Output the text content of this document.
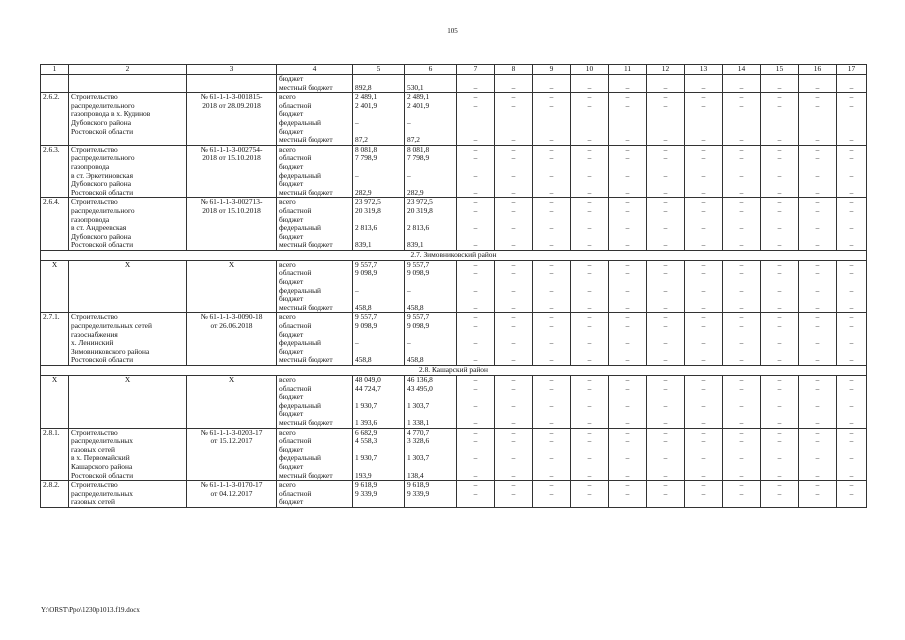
105
1	2	3	4	5	6	7	8	9	10	11	12	13	14	15	16	17
			бюджет													
			местный бюджет	892,8	530,1	–	–	–	–	–	–	–	–	–	–	–
2.6.2.	Строительство	№ 61-1-1-3-001815-	всего	2 489,1	2 489,1	–	–	–	–	–	–	–	–	–	–	–
	распределительного	2018 от 28.09.2018	областной	2 401,9	2 401,9	–	–	–	–	–	–	–	–	–	–	–
	газопровода в х. Кудинов		бюджет													
	Дубовского района		федеральный	–	–											
	Ростовской области		бюджет													
			местный бюджет	87,2	87,2	–	–	–	–	–	–	–	–	–	–	–
2.6.3.	Строительство	№ 61-1-1-3-002754-	всего	8 081,8	8 081,8	–	–	–	–	–	–	–	–	–	–	–
	распределительного	2018 от 15.10.2018	областной	7 798,9	7 798,9	–	–	–	–	–	–	–	–	–	–	–
	газопровода		бюджет													
	в ст. Эркетиновская		федеральный	–	–	–	–	–	–	–	–	–	–	–	–	–
	Дубовского района		бюджет													
	Ростовской области		местный бюджет	282,9	282,9	–	–	–	–	–	–	–	–	–	–	–
2.6.4.	Строительство	№ 61-1-1-3-002713-	всего	23 972,5	23 972,5	–	–	–	–	–	–	–	–	–	–	–
	распределительного	2018 от 15.10.2018	областной	20 319,8	20 319,8	–	–	–	–	–	–	–	–	–	–	–
	газопровода		бюджет													
	в ст. Андреевская		федеральный	2 813,6	2 813,6	–	–	–	–	–	–	–	–	–	–	–
	Дубовского района		бюджет													
	Ростовской области		местный бюджет	839,1	839,1	–	–	–	–	–	–	–	–	–	–	–
2.7. Зимовниковский район																
Х	Х	Х	всего	9 557,7	9 557,7	–	–	–	–	–	–	–	–	–	–	–
			областной	9 098,9	9 098,9	–	–	–	–	–	–	–	–	–	–	–
			бюджет													
			федеральный	–	–	–	–	–	–	–	–	–	–	–	–	–
			бюджет													
			местный бюджет	458,8	458,8	–	–	–	–	–	–	–	–	–	–	–
2.7.1.	Строительство	№ 61-1-1-3-0090-18	всего	9 557,7	9 557,7	–	–	–	–	–	–	–	–	–	–	–
	распределительных сетей	от 26.06.2018	областной	9 098,9	9 098,9	–	–	–	–	–	–	–	–	–	–	–
	газоснабжения		бюджет													
	х. Ленинский		федеральный	–	–	–	–	–	–	–	–	–	–	–	–	–
	Зимовниковского района		бюджет													
	Ростовской области		местный бюджет	458,8	458,8	–	–	–	–	–	–	–	–	–	–	–
2.8. Кашарский район																
Х	Х	Х	всего	48 049,0	46 136,8	–	–	–	–	–	–	–	–	–	–	–
			областной	44 724,7	43 495,0	–	–	–	–	–	–	–	–	–	–	–
			бюджет													
			федеральный	1 930,7	1 303,7	–	–	–	–	–	–	–	–	–	–	–
			бюджет													
			местный бюджет	1 393,6	1 338,1	–	–	–	–	–	–	–	–	–	–	–
2.8.1.	Строительство	№ 61-1-1-3-0203-17	всего	6 682,9	4 770,7	–	–	–	–	–	–	–	–	–	–	–
	распределительных	от 15.12.2017	областной	4 558,3	3 328,6	–	–	–	–	–	–	–	–	–	–	–
	газовых сетей		бюджет													
	в х. Первомайский		федеральный	1 930,7	1 303,7	–	–	–	–	–	–	–	–	–	–	–
	Кашарского района		бюджет													
	Ростовской области		местный бюджет	193,9	138,4	–	–	–	–	–	–	–	–	–	–	–
2.8.2.	Строительство	№ 61-1-1-3-0170-17	всего	9 618,9	9 618,9	–	–	–	–	–	–	–	–	–	–	–
	распределительных	от 04.12.2017	областной	9 339,9	9 339,9	–	–	–	–	–	–	–	–	–	–	–
	газовых сетей		бюджет													
Y:\ORST\Ppo\1230p1013.f19.docx
